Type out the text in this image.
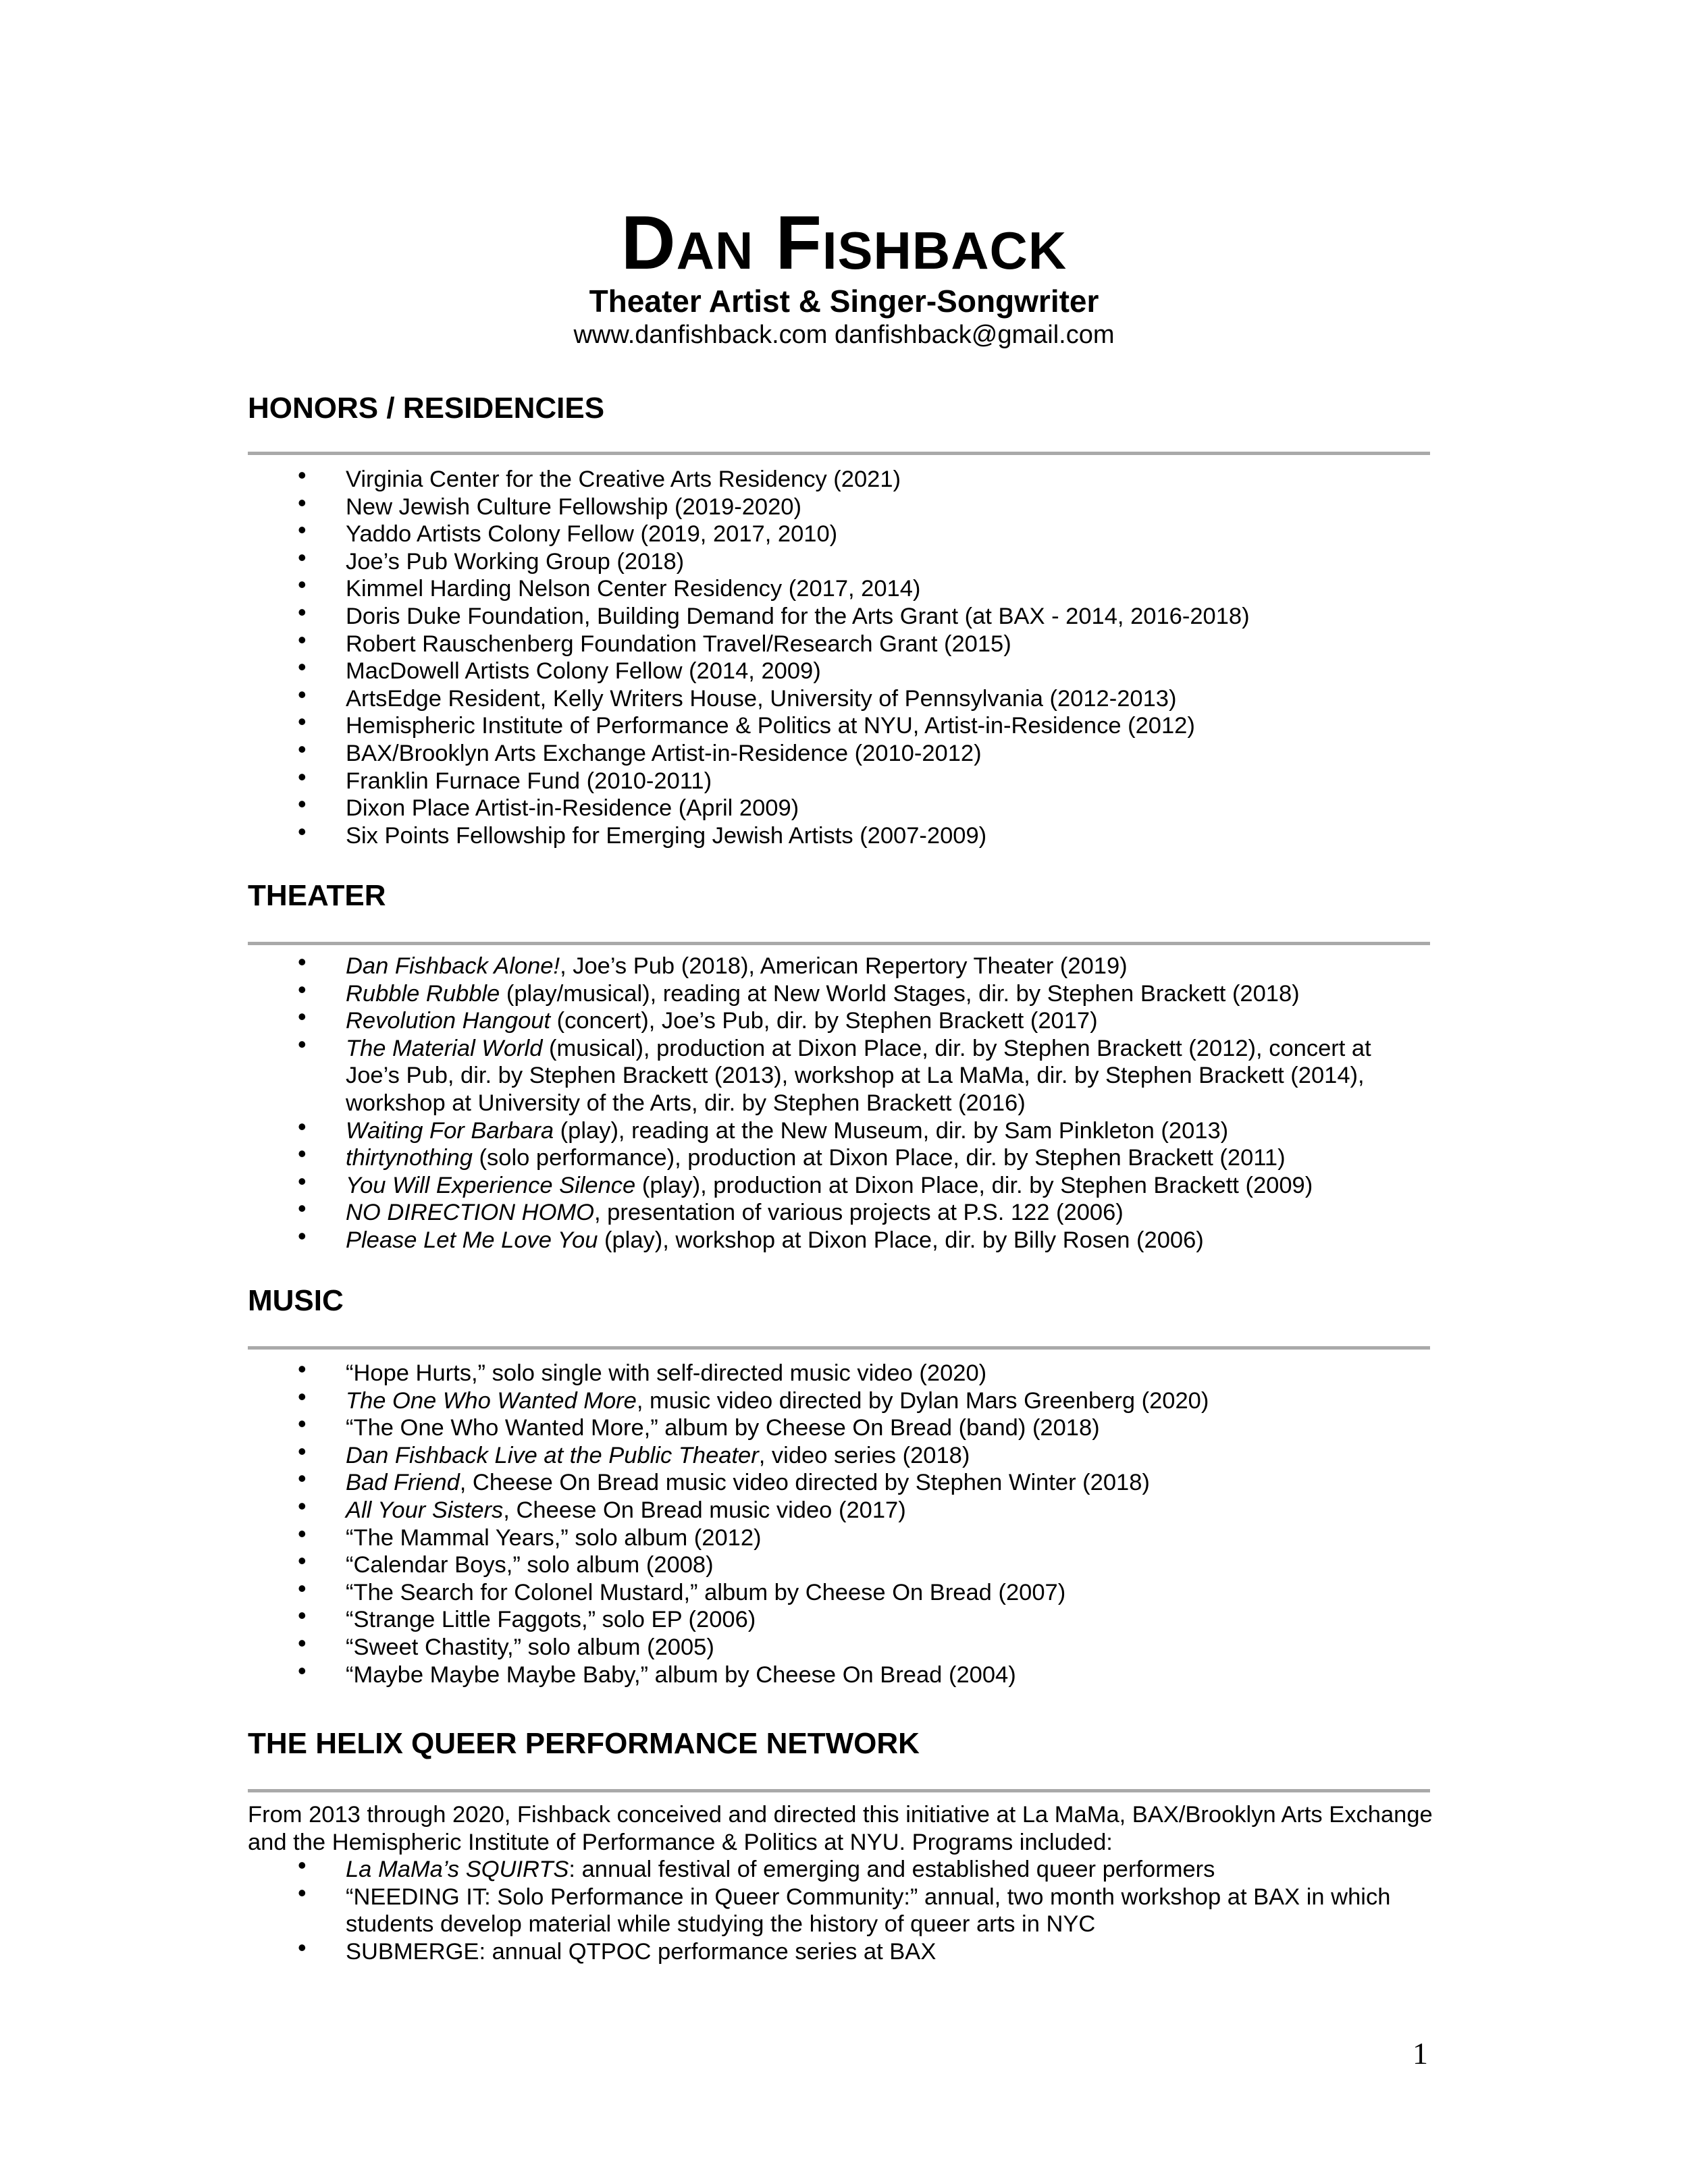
Dan Fishback
Theater Artist & Singer-Songwriter
www.danfishback.com danfishback@gmail.com
HONORS / RESIDENCIES
• Virginia Center for the Creative Arts Residency (2021)
• New Jewish Culture Fellowship (2019-2020)
• Yaddo Artists Colony Fellow (2019, 2017, 2010)
• Joe’s Pub Working Group (2018)
• Kimmel Harding Nelson Center Residency (2017, 2014)
• Doris Duke Foundation, Building Demand for the Arts Grant (at BAX - 2014, 2016-2018)
• Robert Rauschenberg Foundation Travel/Research Grant (2015)
• MacDowell Artists Colony Fellow (2014, 2009)
• ArtsEdge Resident, Kelly Writers House, University of Pennsylvania (2012-2013)
• Hemispheric Institute of Performance & Politics at NYU, Artist-in-Residence (2012)
• BAX/Brooklyn Arts Exchange Artist-in-Residence (2010-2012)
• Franklin Furnace Fund (2010-2011)
• Dixon Place Artist-in-Residence (April 2009)
• Six Points Fellowship for Emerging Jewish Artists (2007-2009)
THEATER
• Dan Fishback Alone!, Joe’s Pub (2018), American Repertory Theater (2019)
• Rubble Rubble (play/musical), reading at New World Stages, dir. by Stephen Brackett (2018)
• Revolution Hangout (concert), Joe’s Pub, dir. by Stephen Brackett (2017)
• The Material World (musical), production at Dixon Place, dir. by Stephen Brackett (2012), concert at Joe’s Pub, dir. by Stephen Brackett (2013), workshop at La MaMa, dir. by Stephen Brackett (2014), workshop at University of the Arts, dir. by Stephen Brackett (2016)
• Waiting For Barbara (play), reading at the New Museum, dir. by Sam Pinkleton (2013)
• thirtynothing (solo performance), production at Dixon Place, dir. by Stephen Brackett (2011)
• You Will Experience Silence (play), production at Dixon Place, dir. by Stephen Brackett (2009)
• NO DIRECTION HOMO, presentation of various projects at P.S. 122 (2006)
• Please Let Me Love You (play), workshop at Dixon Place, dir. by Billy Rosen (2006)
MUSIC
• “Hope Hurts,” solo single with self-directed music video (2020)
• The One Who Wanted More, music video directed by Dylan Mars Greenberg (2020)
• “The One Who Wanted More,” album by Cheese On Bread (band) (2018)
• Dan Fishback Live at the Public Theater, video series (2018)
• Bad Friend, Cheese On Bread music video directed by Stephen Winter (2018)
• All Your Sisters, Cheese On Bread music video (2017)
• “The Mammal Years,” solo album (2012)
• “Calendar Boys,” solo album (2008)
• “The Search for Colonel Mustard,” album by Cheese On Bread (2007)
• “Strange Little Faggots,” solo EP (2006)
• “Sweet Chastity,” solo album (2005)
• “Maybe Maybe Maybe Baby,” album by Cheese On Bread (2004)
THE HELIX QUEER PERFORMANCE NETWORK
From 2013 through 2020, Fishback conceived and directed this initiative at La MaMa, BAX/Brooklyn Arts Exchange and the Hemispheric Institute of Performance & Politics at NYU. Programs included:
• La MaMa’s SQUIRTS: annual festival of emerging and established queer performers
• “NEEDING IT: Solo Performance in Queer Community:” annual, two month workshop at BAX in which students develop material while studying the history of queer arts in NYC
• SUBMERGE: annual QTPOC performance series at BAX
1
